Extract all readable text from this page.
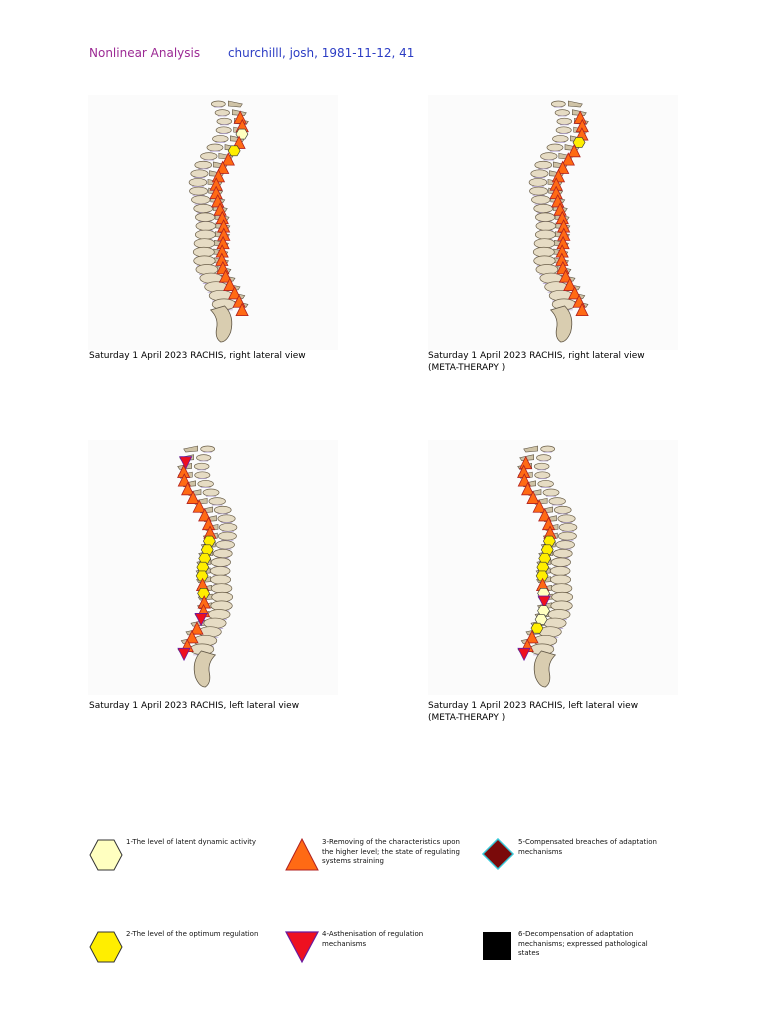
Nonlinear Analysis churchilll, josh, 1981-11-12, 41
Saturday 1 April 2023 RACHIS, right lateral view	Saturday 1 April 2023 RACHIS, right lateral view
(META-THERAPY )
Saturday 1 April 2023 RACHIS, left lateral view	Saturday 1 April 2023 RACHIS, left lateral view
(META-THERAPY )
1-The level of latent dynamic activity	3-Removing of the characteristics upon the higher level; the state of regulating systems straining
5-Compensated breaches of adaptation mechanisms
2-The level of the optimum regulation	4-Asthenisation of regulation mechanisms
6-Decompensation of adaptation mechanisms; expressed pathological states
